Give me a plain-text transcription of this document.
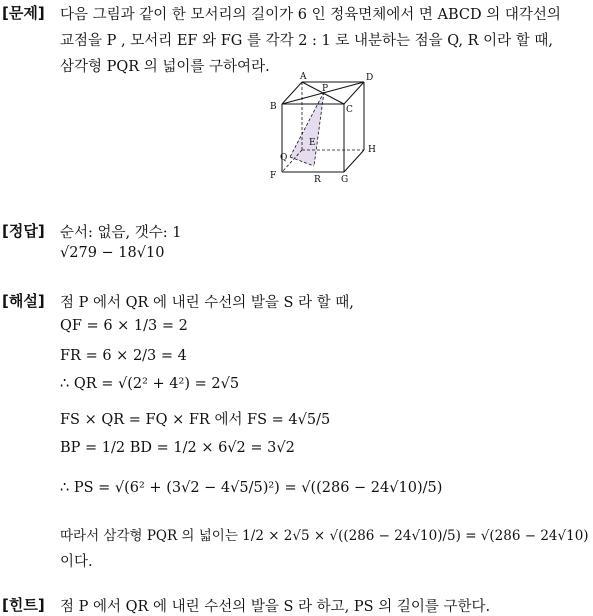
[문제] 다음 그림과 같이 한 모서리의 길이가 6 인 정육면체에서 면 ABCD 의 대각선의
교점을 P , 모서리 EF 와 FG 를 각각 2 : 1 로 내분하는 점을 Q, R 이라 할 때,
삼각형 PQR 의 넓이를 구하여라.
A	D
P
B	C
E
H
F
Q
R G
[정답] 순서: 없음, 갯수: 1
√279 − 18√10
[해설] 점 P 에서 QR 에 내린 수선의 발을 S 라 할 때,
QF = 6 × 1/3 = 2
FR = 6 × 2/3 = 4
∴ QR = √(2² + 4²) = 2√5
FS × QR = FQ × FR 에서 FS = 4√5/5
BP = 1/2 BD = 1/2 × 6√2 = 3√2
∴ PS = √(6² + (3√2 − 4√5/5)²) = √((286 − 24√10)/5)
따라서 삼각형 PQR 의 넓이는 1/2 × 2√5 × √((286 − 24√10)/5) = √(286 − 24√10)
이다.
[힌트] 점 P 에서 QR 에 내린 수선의 발을 S 라 하고, PS 의 길이를 구한다.
